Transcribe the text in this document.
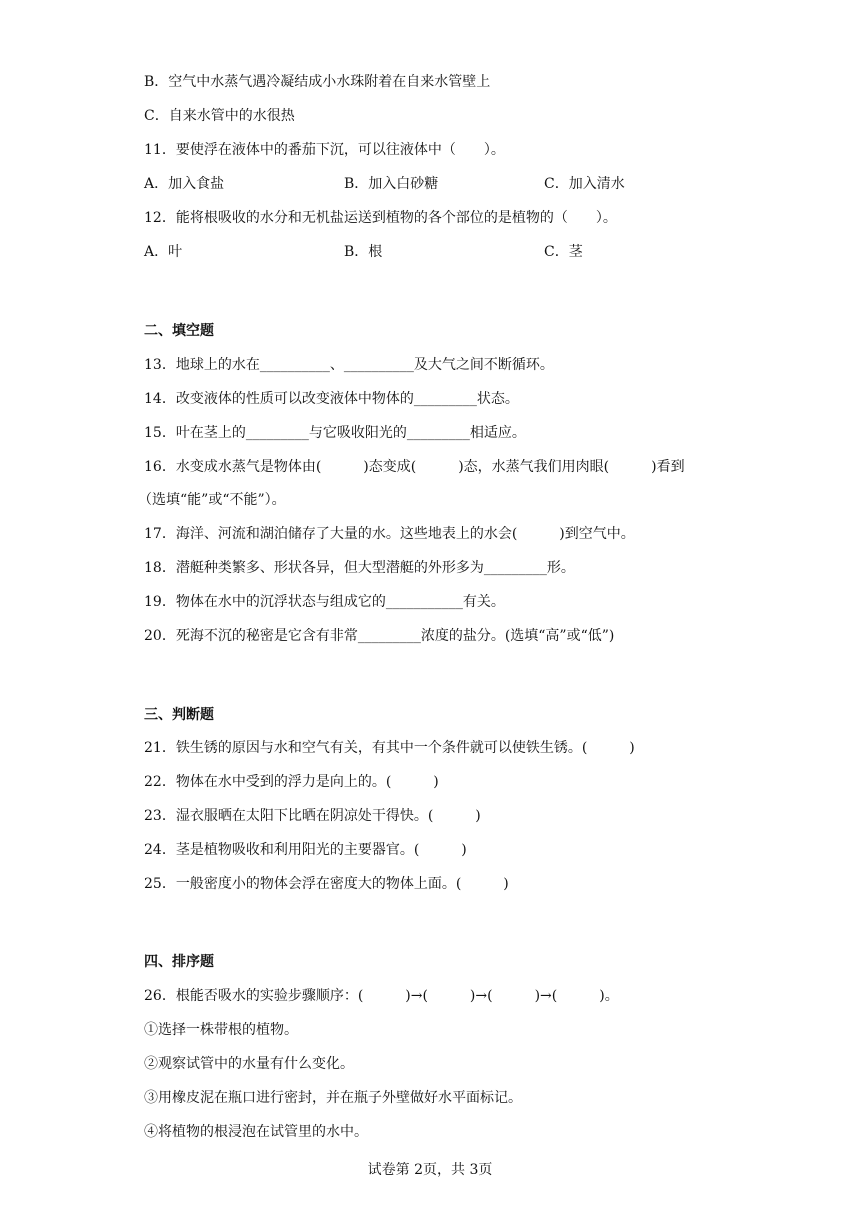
B．空气中水蒸气遇冷凝结成小水珠附着在自来水管壁上
C．自来水管中的水很热
11．要使浮在液体中的番茄下沉，可以往液体中（　　）。
A．加入食盐	B．加入白砂糖	C．加入清水
12．能将根吸收的水分和无机盐运送到植物的各个部位的是植物的（　　）。
A．叶	B．根	C．茎
二、填空题
13．地球上的水在__________、__________及大气之间不断循环。
14．改变液体的性质可以改变液体中物体的_________状态。
15．叶在茎上的_________与它吸收阳光的_________相适应。
16．水变成水蒸气是物体由(　　　)态变成(　　　)态，水蒸气我们用肉眼(　　　)看到
（选填“能”或“不能”）。
17．海洋、河流和湖泊储存了大量的水。这些地表上的水会(　　　)到空气中。
18．潜艇种类繁多、形状各异，但大型潜艇的外形多为_________形。
19．物体在水中的沉浮状态与组成它的___________有关。
20．死海不沉的秘密是它含有非常_________浓度的盐分。(选填“高”或“低”)
三、判断题
21．铁生锈的原因与水和空气有关，有其中一个条件就可以使铁生锈。(　　　)
22．物体在水中受到的浮力是向上的。(　　　)
23．湿衣服晒在太阳下比晒在阴凉处干得快。(　　　)
24．茎是植物吸收和利用阳光的主要器官。(　　　)
25．一般密度小的物体会浮在密度大的物体上面。(　　　)
四、排序题
26．根能否吸水的实验步骤顺序：(　　　)→(　　　)→(　　　)→(　　　)。
①选择一株带根的植物。
②观察试管中的水量有什么变化。
③用橡皮泥在瓶口进行密封，并在瓶子外壁做好水平面标记。
④将植物的根浸泡在试管里的水中。
试卷第 2页，共 3页
